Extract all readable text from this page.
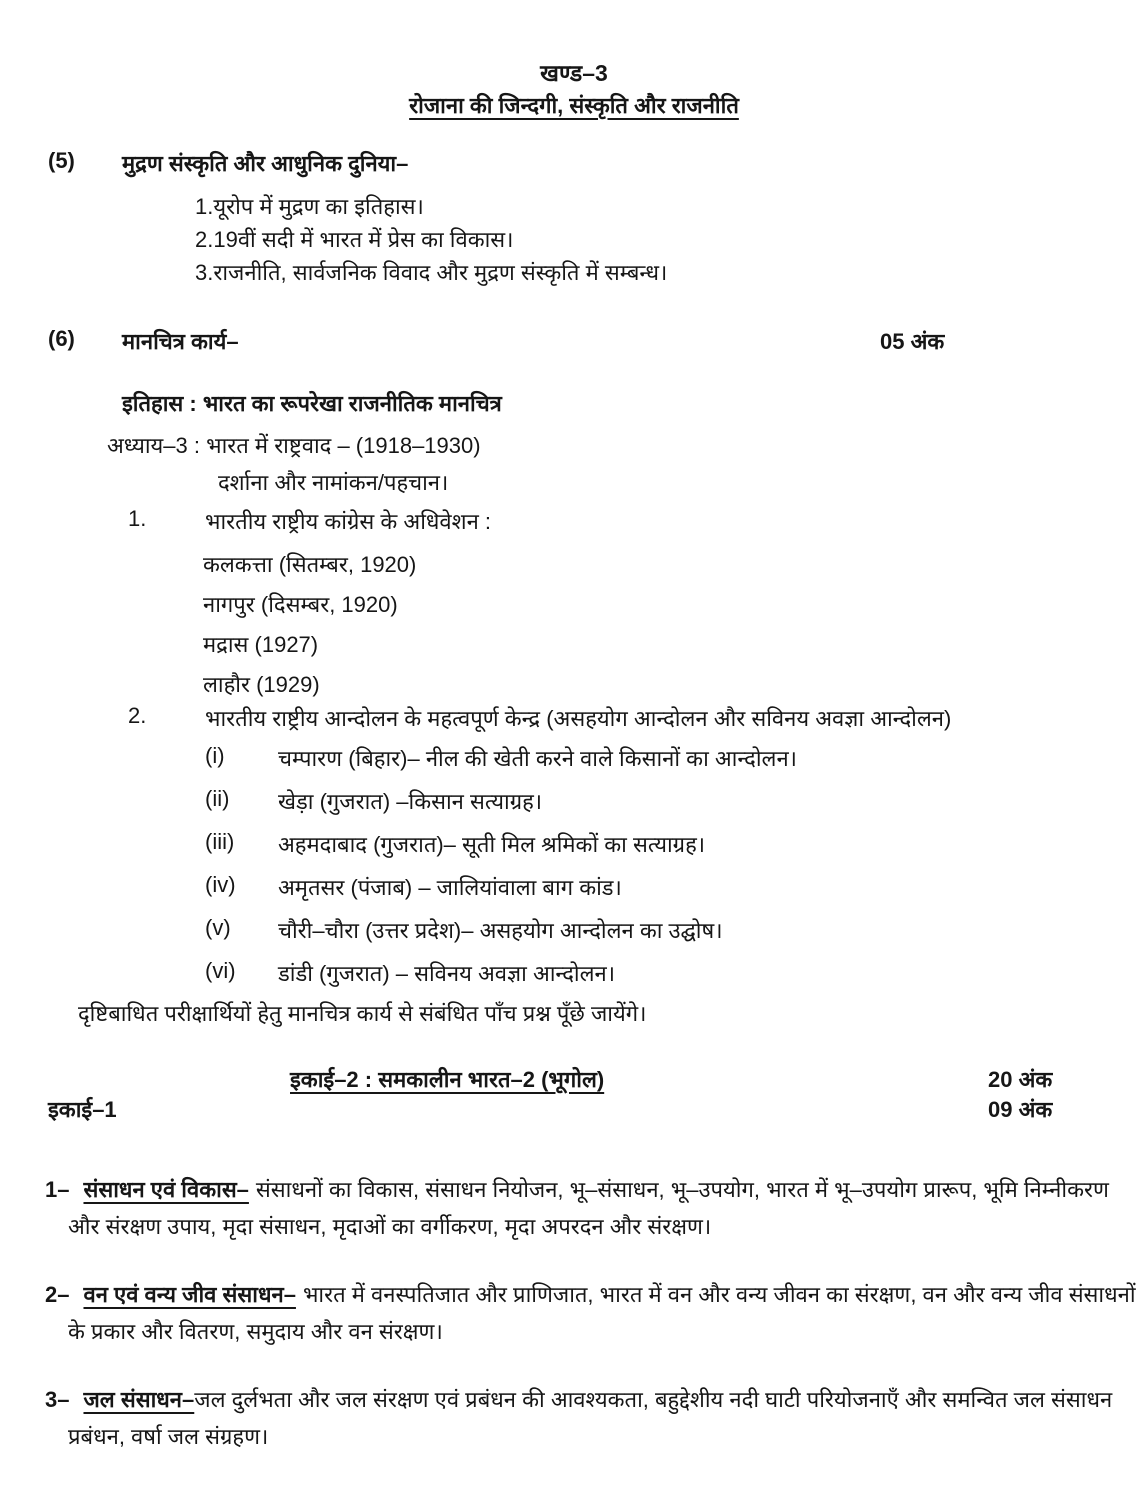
खण्ड–3
रोजाना की जिन्दगी, संस्कृति और राजनीति
(5) मुद्रण संस्कृति और आधुनिक दुनिया–
1.यूरोप में मुद्रण का इतिहास।
2.19वीं सदी में भारत में प्रेस का विकास।
3.राजनीति, सार्वजनिक विवाद और मुद्रण संस्कृति में सम्बन्ध।
(6) मानचित्र कार्य–	05 अंक
इतिहास : भारत का रूपरेखा राजनीतिक मानचित्र
अध्याय–3 : भारत में राष्ट्रवाद – (1918–1930)
दर्शाना और नामांकन/पहचान।
1.	भारतीय राष्ट्रीय कांग्रेस के अधिवेशन :
कलकत्ता (सितम्बर, 1920)
नागपुर (दिसम्बर, 1920)
मद्रास (1927)
लाहौर (1929)
2.	भारतीय राष्ट्रीय आन्दोलन के महत्वपूर्ण केन्द्र (असहयोग आन्दोलन और सविनय अवज्ञा आन्दोलन)
(i) चम्पारण (बिहार)– नील की खेती करने वाले किसानों का आन्दोलन।
(ii) खेड़ा (गुजरात) –किसान सत्याग्रह।
(iii) अहमदाबाद (गुजरात)– सूती मिल श्रमिकों का सत्याग्रह।
(iv) अमृतसर (पंजाब) – जालियांवाला बाग कांड।
(v) चौरी–चौरा (उत्तर प्रदेश)– असहयोग आन्दोलन का उद्घोष।
(vi) डांडी (गुजरात) – सविनय अवज्ञा आन्दोलन।
दृष्टिबाधित परीक्षार्थियों हेतु मानचित्र कार्य से संबंधित पाँच प्रश्न पूँछे जायेंगे।
इकाई–2 : समकालीन भारत–2 (भूगोल)	20 अंक
इकाई–1	09 अंक
1– संसाधन एवं विकास– संसाधनों का विकास, संसाधन नियोजन, भू–संसाधन, भू–उपयोग, भारत में भू–उपयोग प्रारूप, भूमि निम्नीकरण और संरक्षण उपाय, मृदा संसाधन, मृदाओं का वर्गीकरण, मृदा अपरदन और संरक्षण।
2– वन एवं वन्य जीव संसाधन– भारत में वनस्पतिजात और प्राणिजात, भारत में वन और वन्य जीवन का संरक्षण, वन और वन्य जीव संसाधनों के प्रकार और वितरण, समुदाय और वन संरक्षण।
3– जल संसाधन–जल दुर्लभता और जल संरक्षण एवं प्रबंधन की आवश्यकता, बहुद्देशीय नदी घाटी परियोजनाएँ और समन्वित जल संसाधन प्रबंधन, वर्षा जल संग्रहण।
